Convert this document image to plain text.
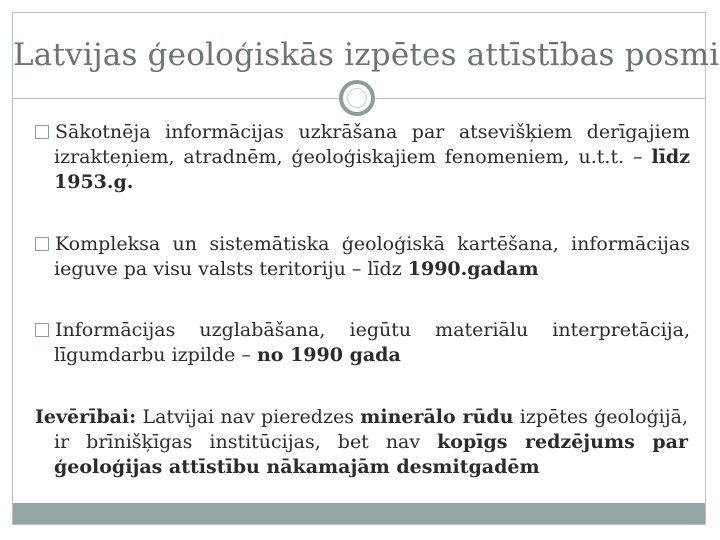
Latvijas ģeoloģiskās izpētes attīstības posmi
Sākotnēja informācijas uzkrāšana par atsevišķiem derīgajiem izrakteņiem, atradnēm, ģeoloģiskajiem fenomeniem, u.t.t. – līdz 1953.g.
Kompleksa un sistemātiska ģeoloģiskā kartēšana, informācijas ieguve pa visu valsts teritoriju – līdz 1990.gadam
Informācijas uzglabāšana, iegūtu materiālu interpretācija, līgumdarbu izpilde – no 1990 gada
Ievērībai: Latvijai nav pieredzes minerālo rūdu izpētes ģeoloģijā, ir brīnišķīgas institūcijas, bet nav kopīgs redzējums par ģeoloģijas attīstību nākamajām desmitgadēm
